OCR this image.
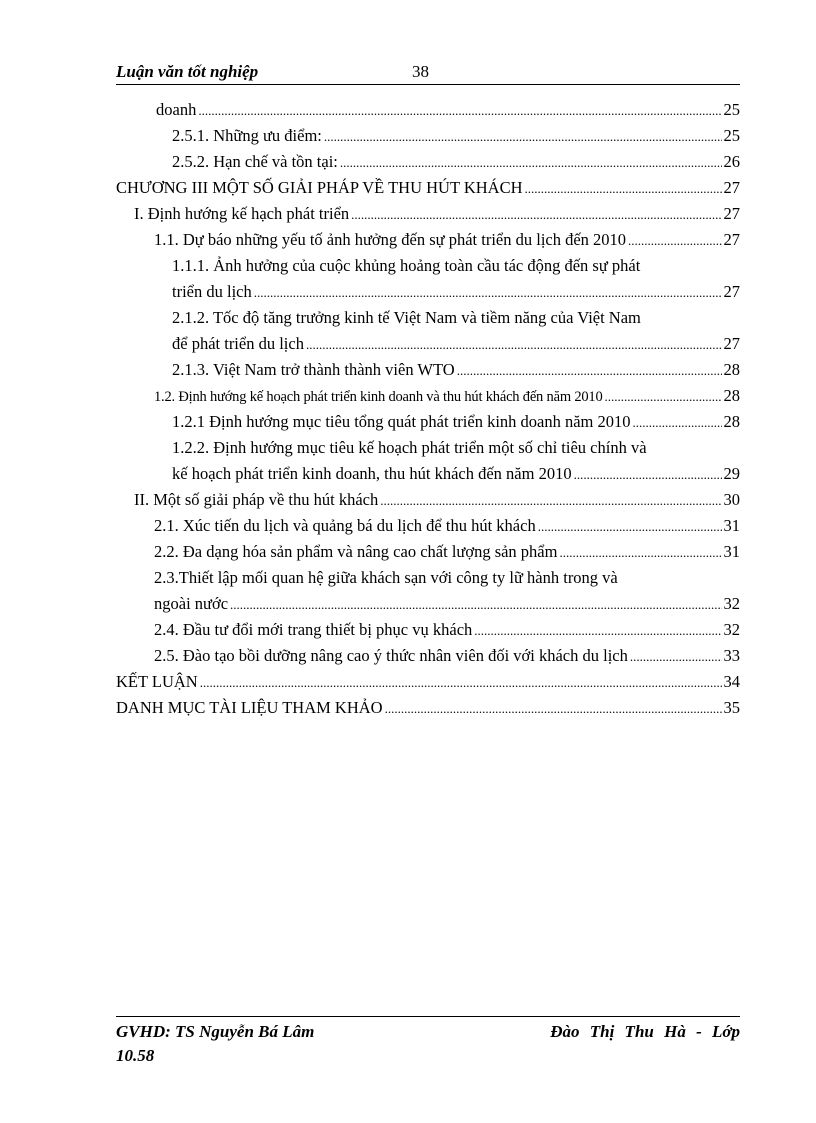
Luận văn tốt nghiệp	38
doanh .....	25
2.5.1. Những ưu điểm: .....	25
2.5.2. Hạn chế và tồn tại: .....	26
CHƯƠNG III MỘT SỐ GIẢI PHÁP VỀ THU HÚT KHÁCH .....	27
I. Định hướng kế hạch phát triển .....	27
1.1. Dự báo những yếu tố ảnh hưởng đến sự phát triển du lịch đến 2010 .....	27
1.1.1. Ảnh hưởng của cuộc khủng hoảng toàn cầu tác động đến sự phát
triển du lịch .....	27
2.1.2. Tốc độ tăng trưởng kinh tế Việt Nam và tiềm năng của Việt Nam
để phát triển du lịch .....	27
2.1.3. Việt Nam trở thành thành viên WTO .....	28
1.2. Định hướng kế hoạch phát triển kinh doanh và thu hút khách đến năm 2010 .....	28
1.2.1 Định hướng mục tiêu tổng quát phát triển kinh doanh năm 2010 .....	28
1.2.2. Định hướng mục tiêu kế hoạch phát triển một số chỉ tiêu chính và
kế hoạch phát triển kinh doanh, thu hút khách đến năm 2010 .....	29
II. Một số giải pháp về thu hút khách .....	30
2.1. Xúc tiến du lịch và quảng bá du lịch để thu hút khách .....	31
2.2. Đa dạng hóa sản phẩm và nâng cao chất lượng sản phẩm .....	31
2.3.Thiết lập mối quan hệ giữa khách sạn với công ty lữ hành trong và
ngoài nước .....	32
2.4. Đầu tư đổi mới trang thiết bị phục vụ khách .....	32
2.5. Đào tạo bồi dưỡng nâng cao ý thức nhân viên đối với khách du lịch .....	33
KẾT LUẬN .....	34
DANH MỤC TÀI LIỆU THAM KHẢO .....	35
GVHD: TS Nguyễn Bá Lâm	Đào Thị Thu Hà - Lớp
10.58
